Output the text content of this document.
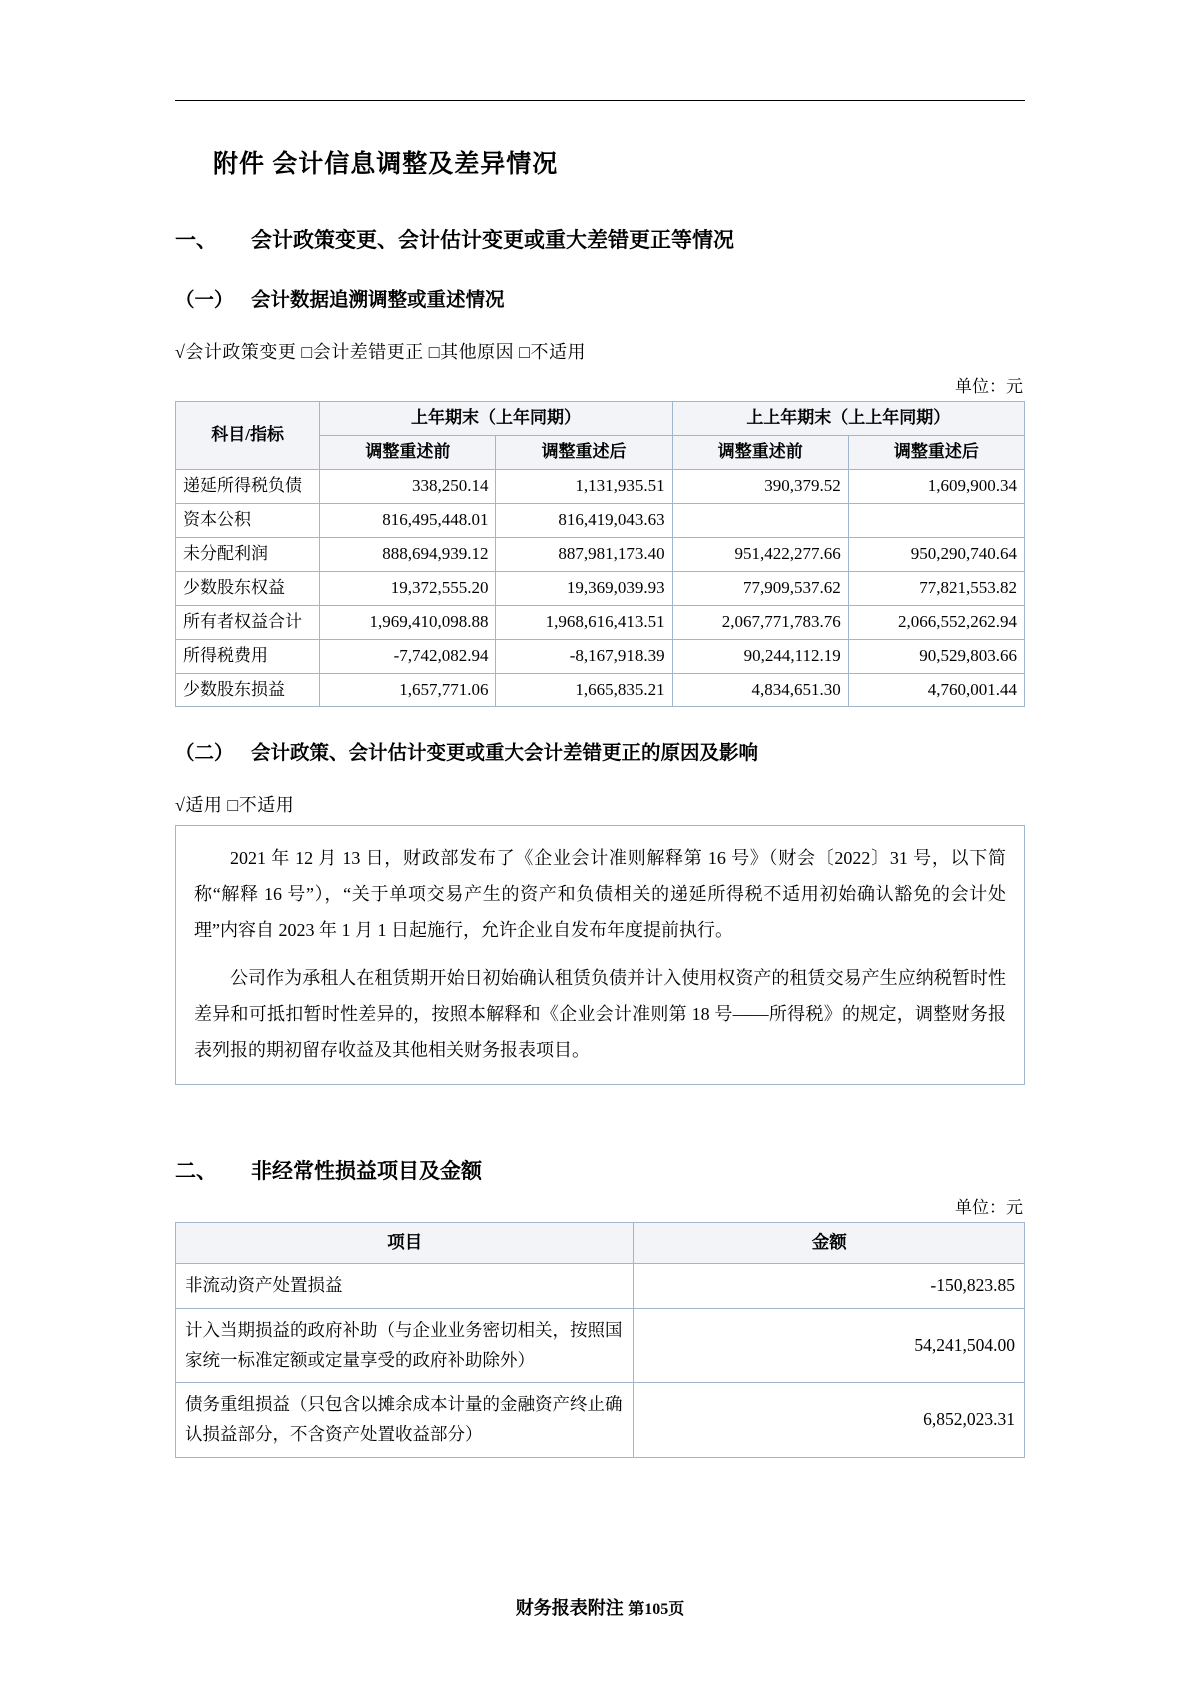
附件 会计信息调整及差异情况
一、	会计政策变更、会计估计变更或重大差错更正等情况
（一） 会计数据追溯调整或重述情况
√会计政策变更 □会计差错更正 □其他原因 □不适用
单位：元
科目/指标	上年期末（上年同期）		上上年期末（上上年同期）	
	调整重述前	调整重述后	调整重述前	调整重述后
递延所得税负债	338,250.14	1,131,935.51	390,379.52	1,609,900.34
资本公积	816,495,448.01	816,419,043.63		
未分配利润	888,694,939.12	887,981,173.40	951,422,277.66	950,290,740.64
少数股东权益	19,372,555.20	19,369,039.93	77,909,537.62	77,821,553.82
所有者权益合计	1,969,410,098.88	1,968,616,413.51	2,067,771,783.76	2,066,552,262.94
所得税费用	-7,742,082.94	-8,167,918.39	90,244,112.19	90,529,803.66
少数股东损益	1,657,771.06	1,665,835.21	4,834,651.30	4,760,001.44
（二） 会计政策、会计估计变更或重大会计差错更正的原因及影响
√适用 □不适用

2021 年 12 月 13 日，财政部发布了《企业会计准则解释第 16 号》（财会〔2022〕31 号，以下简称“解释 16 号”），“关于单项交易产生的资产和负债相关的递延所得税不适用初始确认豁免的会计处理”内容自 2023 年 1 月 1 日起施行，允许企业自发布年度提前执行。

公司作为承租人在租赁期开始日初始确认租赁负债并计入使用权资产的租赁交易产生应纳税暂时性差异和可抵扣暂时性差异的，按照本解释和《企业会计准则第 18 号——所得税》的规定，调整财务报表列报的期初留存收益及其他相关财务报表项目。

二、	非经常性损益项目及金额
单位：元
项目	金额
非流动资产处置损益	-150,823.85
计入当期损益的政府补助（与企业业务密切相关，按照国家统一标准定额或定量享受的政府补助除外）	54,241,504.00
债务重组损益（只包含以摊余成本计量的金融资产终止确认损益部分，不含资产处置收益部分）	6,852,023.31
财务报表附注 第105页
